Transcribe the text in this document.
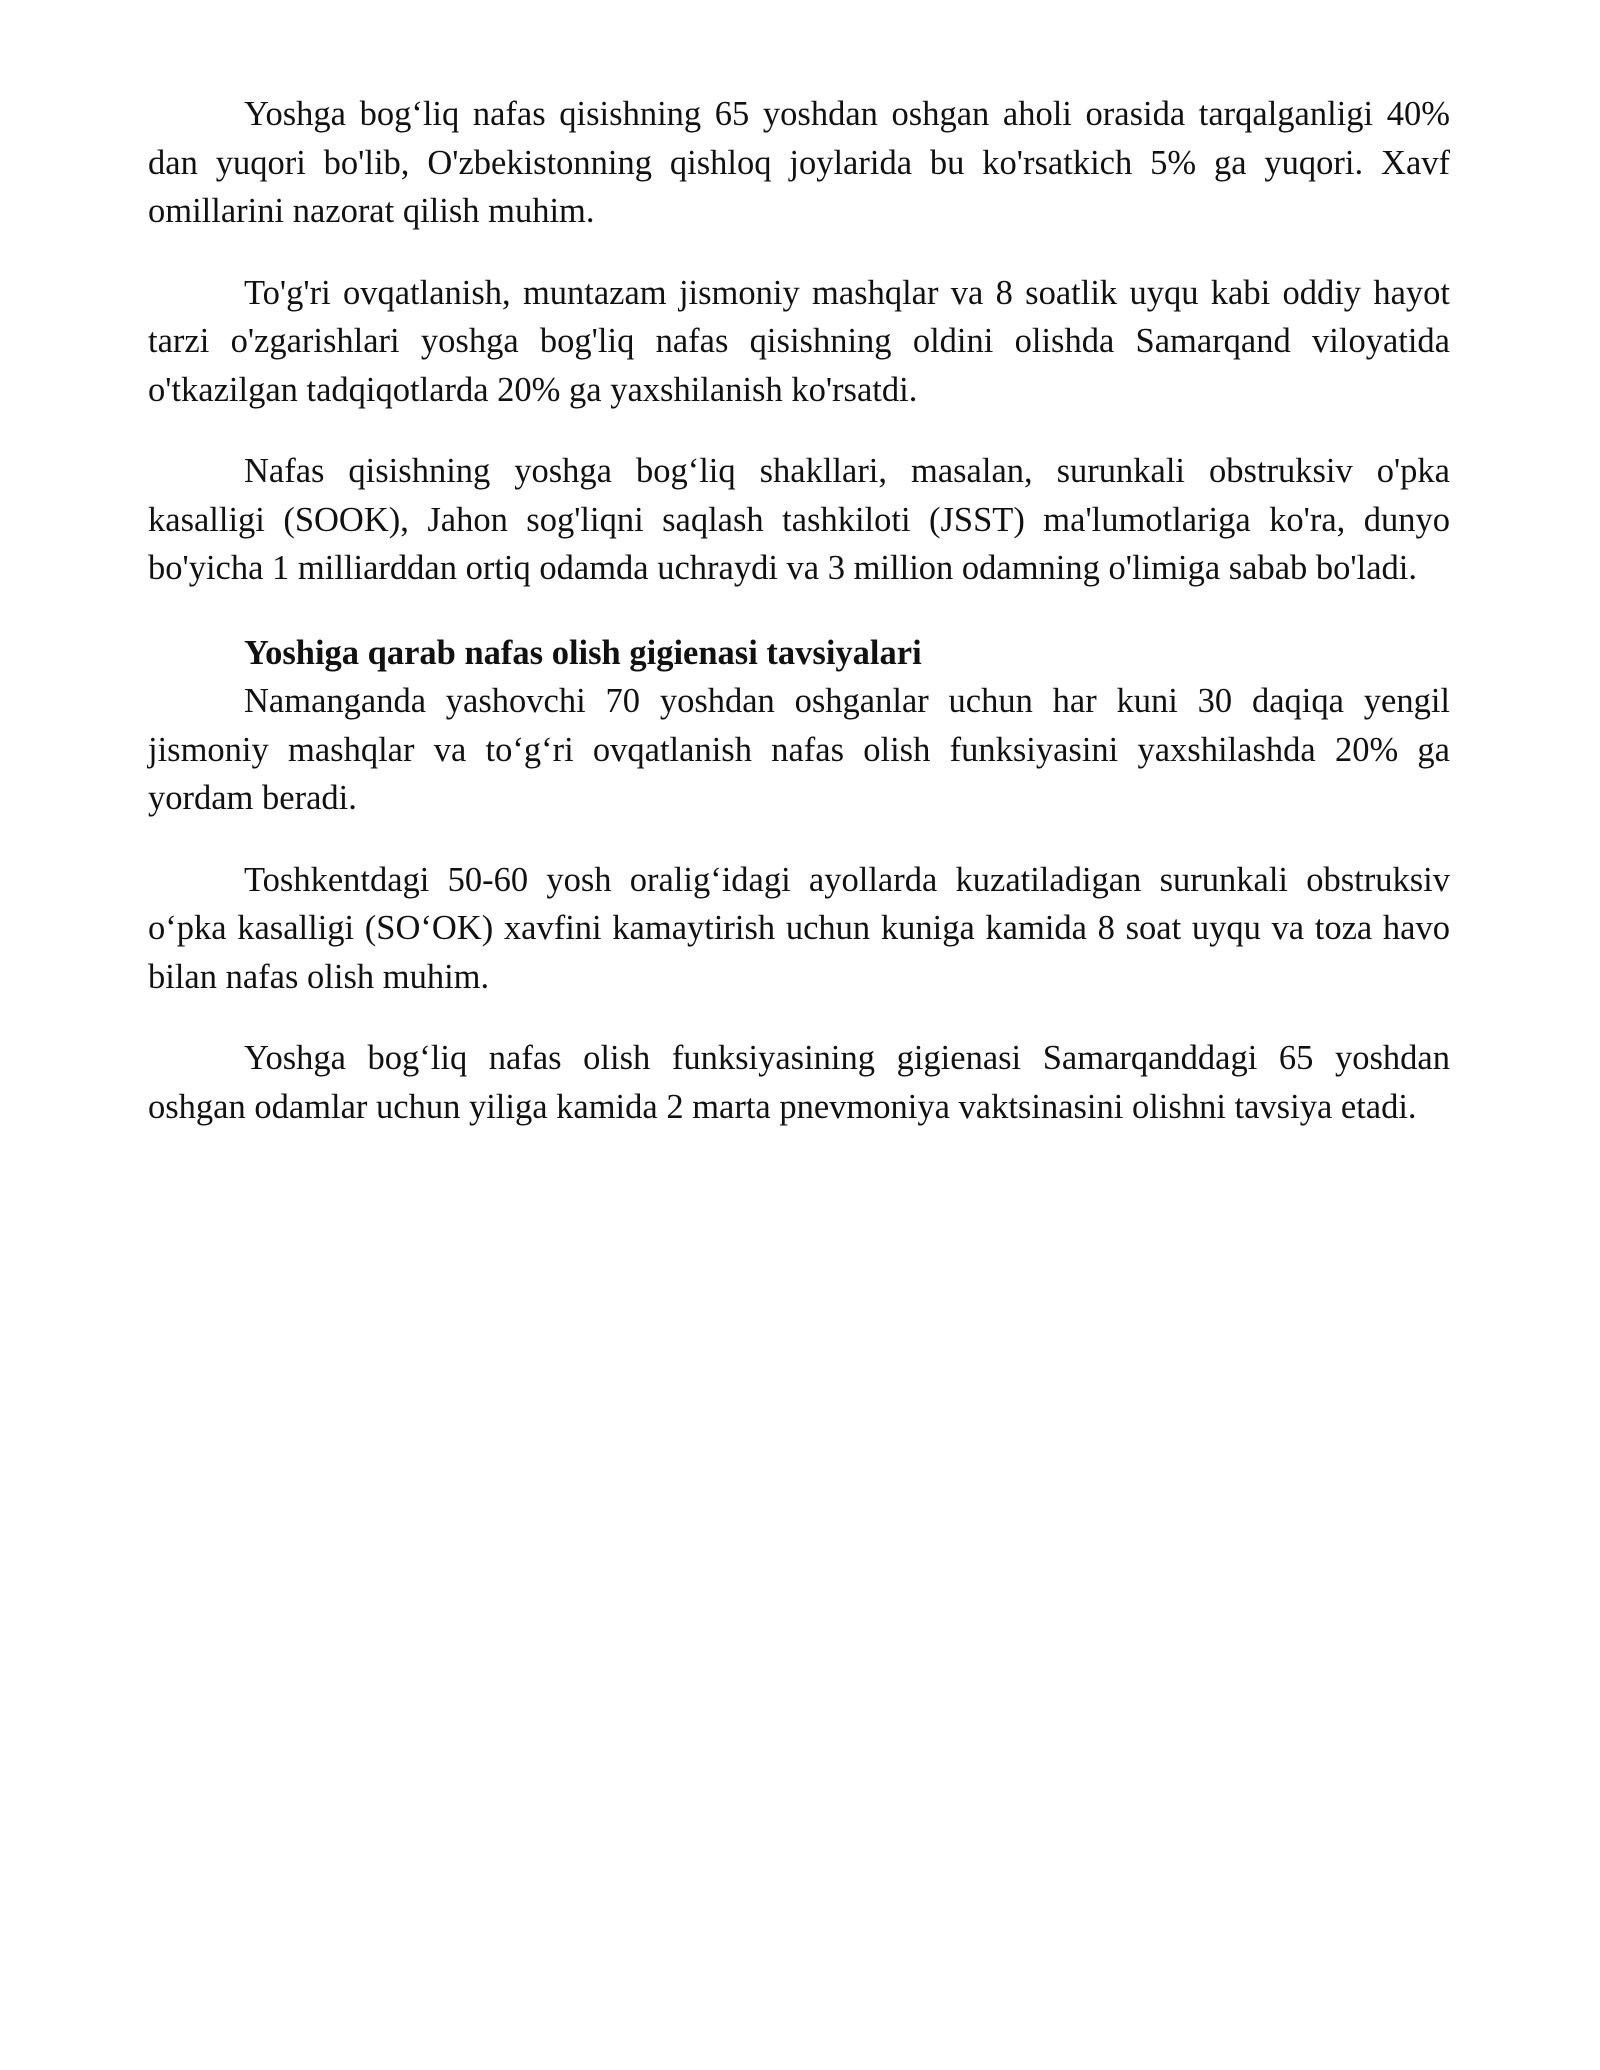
Yoshga bog‘liq nafas qisishning 65 yoshdan oshgan aholi orasida tarqalganligi 40% dan yuqori bo'lib, O'zbekistonning qishloq joylarida bu ko'rsatkich 5% ga yuqori. Xavf omillarini nazorat qilish muhim.

To'g'ri ovqatlanish, muntazam jismoniy mashqlar va 8 soatlik uyqu kabi oddiy hayot tarzi o'zgarishlari yoshga bog'liq nafas qisishning oldini olishda Samarqand viloyatida o'tkazilgan tadqiqotlarda 20% ga yaxshilanish ko'rsatdi.

Nafas qisishning yoshga bog‘liq shakllari, masalan, surunkali obstruksiv o'pka kasalligi (SOOK), Jahon sog'liqni saqlash tashkiloti (JSST) ma'lumotlariga ko'ra, dunyo bo'yicha 1 milliarddan ortiq odamda uchraydi va 3 million odamning o'limiga sabab bo'ladi.

Yoshiga qarab nafas olish gigienasi tavsiyalari

Namanganda yashovchi 70 yoshdan oshganlar uchun har kuni 30 daqiqa yengil jismoniy mashqlar va to‘g‘ri ovqatlanish nafas olish funksiyasini yaxshilashda 20% ga yordam beradi.

Toshkentdagi 50-60 yosh oralig‘idagi ayollarda kuzatiladigan surunkali obstruksiv o‘pka kasalligi (SO‘OK) xavfini kamaytirish uchun kuniga kamida 8 soat uyqu va toza havo bilan nafas olish muhim.

Yoshga bog‘liq nafas olish funksiyasining gigienasi Samarqanddagi 65 yoshdan oshgan odamlar uchun yiliga kamida 2 marta pnevmoniya vaktsinasini olishni tavsiya etadi.
